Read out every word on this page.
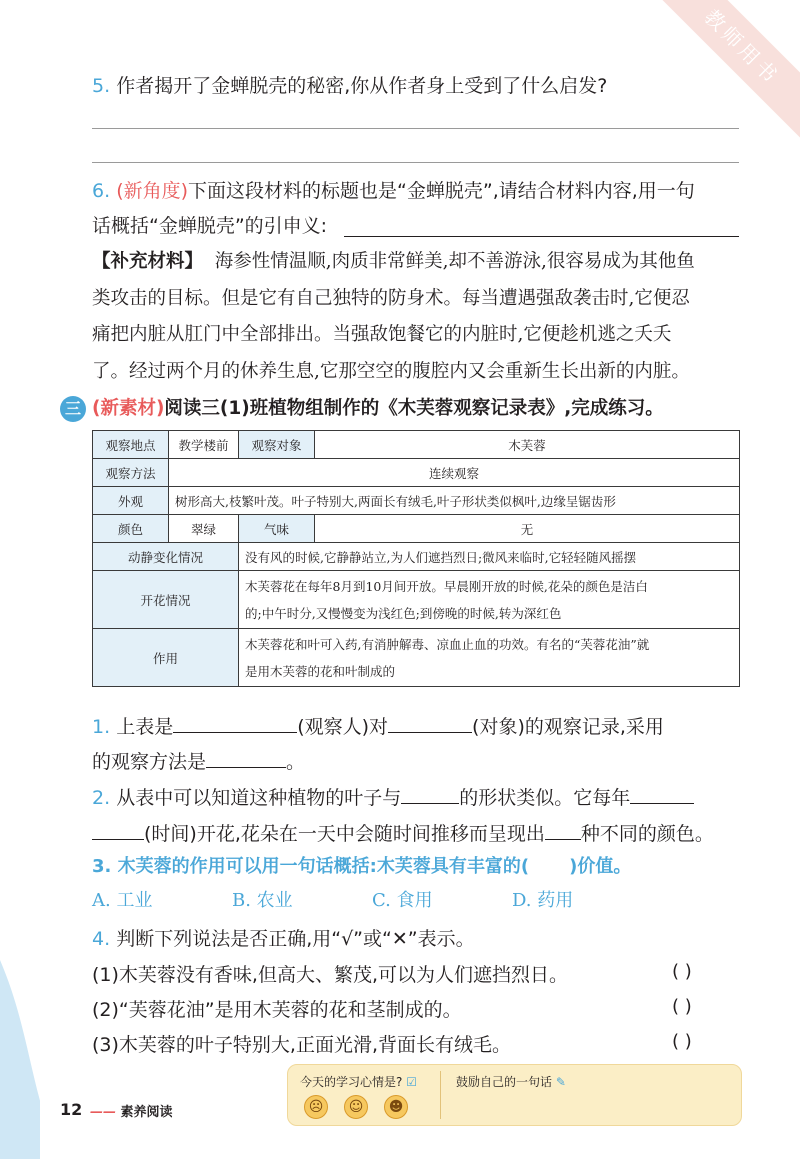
教师用书
5. 作者揭开了金蝉脱壳的秘密,你从作者身上受到了什么启发?
6. (新角度)下面这段材料的标题也是“金蝉脱壳”,请结合材料内容,用一句
话概括“金蝉脱壳”的引申义:
【补充材料】 海参性情温顺,肉质非常鲜美,却不善游泳,很容易成为其他鱼
类攻击的目标。但是它有自己独特的防身术。每当遭遇强敌袭击时,它便忍
痛把内脏从肛门中全部排出。当强敌饱餐它的内脏时,它便趁机逃之夭夭
了。经过两个月的休养生息,它那空空的腹腔内又会重新生长出新的内脏。
三 (新素材)阅读三(1)班植物组制作的《木芙蓉观察记录表》,完成练习。
观察地点	教学楼前	观察对象	木芙蓉
观察方法	连续观察		
外观	树形高大,枝繁叶茂。叶子特别大,两面长有绒毛,叶子形状类似枫叶,边缘呈锯齿形		
颜色	翠绿	气味	无
动静变化情况		没有风的时候,它静静站立,为人们遮挡烈日;微风来临时,它轻轻随风摇摆	
开花情况		木芙蓉花在每年8月到10月间开放。早晨刚开放的时候,花朵的颜色是洁白
的;中午时分,又慢慢变为浅红色;到傍晚的时候,转为深红色	

作用		木芙蓉花和叶可入药,有消肿解毒、凉血止血的功效。有名的“芙蓉花油”就
是用木芙蓉的花和叶制成的	
1. 上表是	(观察人)对	(对象)的观察记录,采用
的观察方法是	。
2. 从表中可以知道这种植物的叶子与	的形状类似。它每年
(时间)开花,花朵在一天中会随时间推移而呈现出 种不同的颜色。
3. 木芙蓉的作用可以用一句话概括:木芙蓉具有丰富的( )价值。
A. 工业	B. 农业	C. 食用	D. 药用
4. 判断下列说法是否正确,用“√”或“✕”表示。
(1)木芙蓉没有香味,但高大、繁茂,可以为人们遮挡烈日。	( )
(2)“芙蓉花油”是用木芙蓉的花和茎制成的。	( )
(3)木芙蓉的叶子特别大,正面光滑,背面长有绒毛。	( )
12 —— 素养阅读
今天的学习心情是? ☑
☹	☺	☻
鼓励自己的一句话 ✎
